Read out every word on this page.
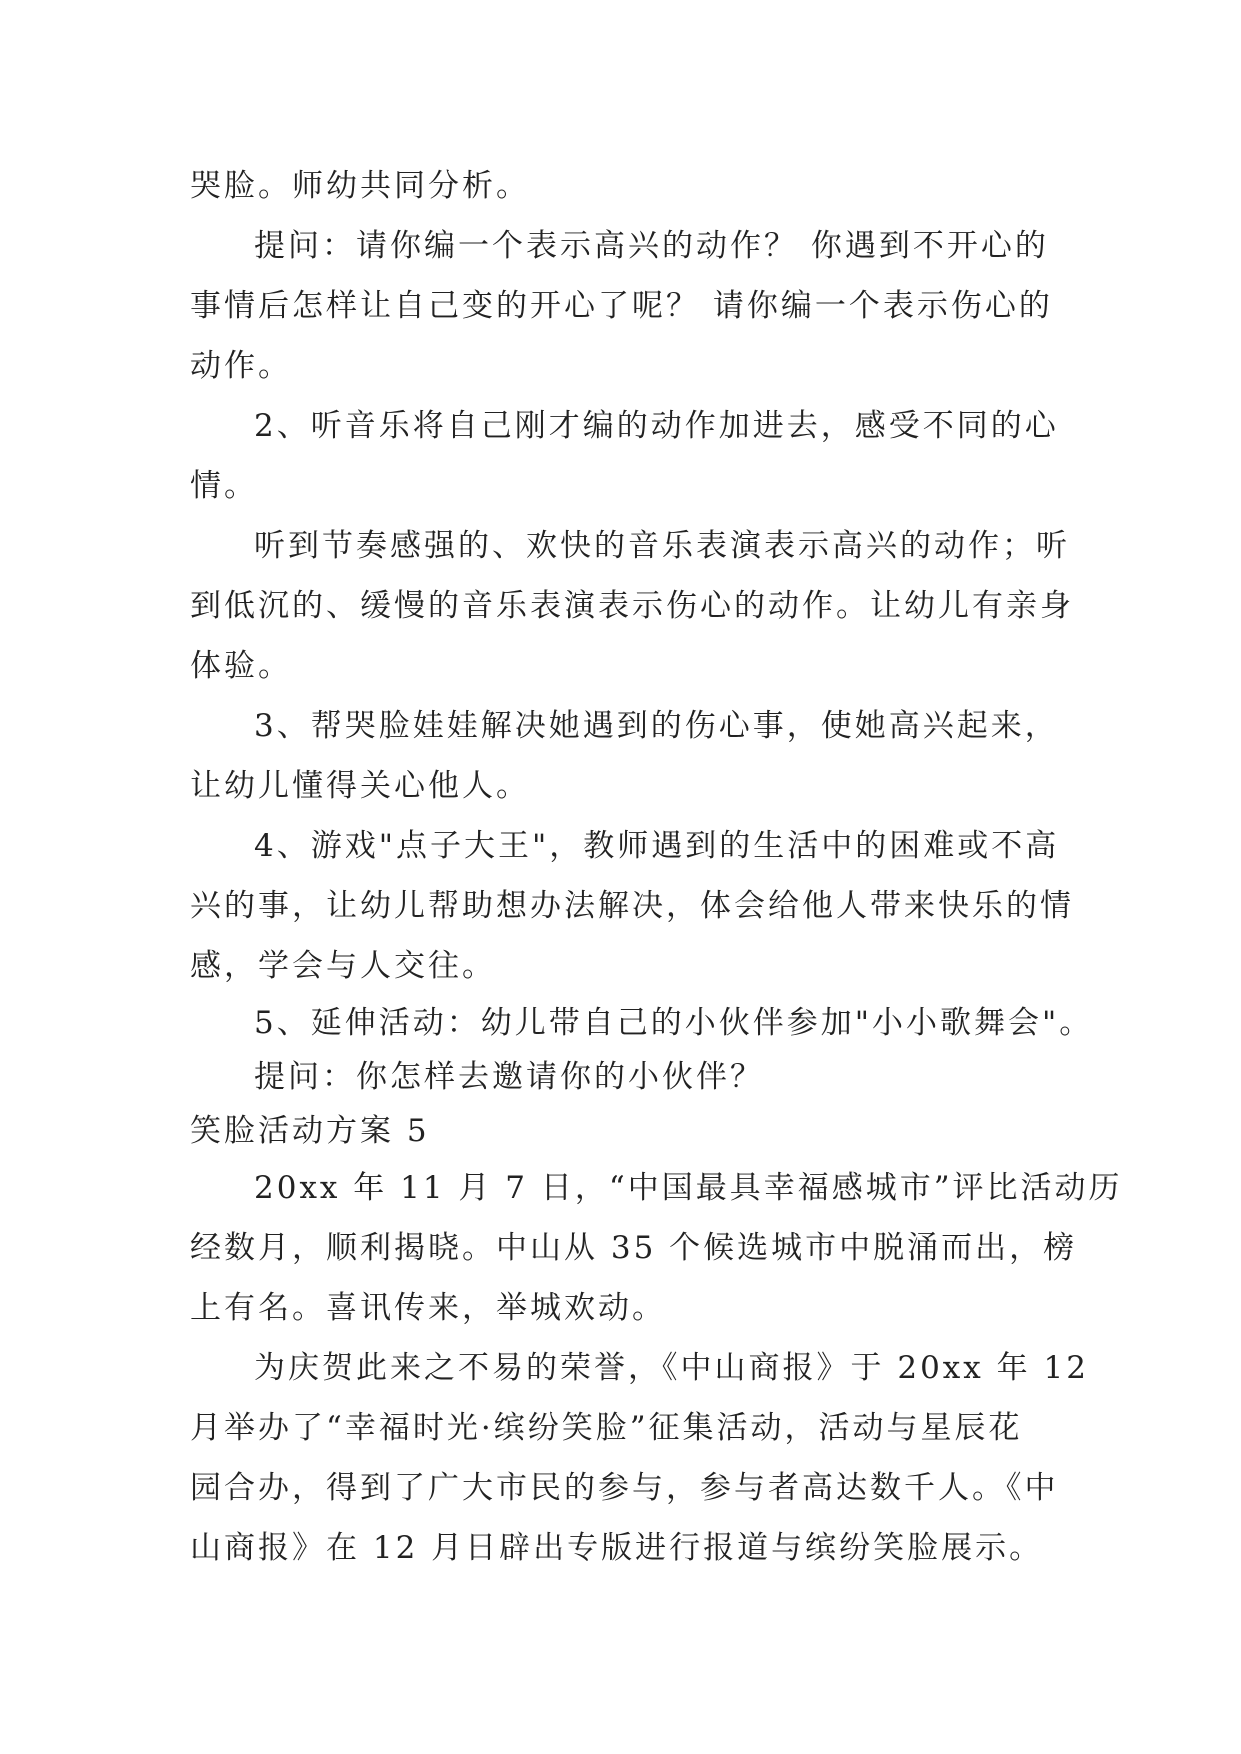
哭脸。师幼共同分析。
提问：请你编一个表示高兴的动作？ 你遇到不开心的
事情后怎样让自己变的开心了呢？ 请你编一个表示伤心的
动作。
2、听音乐将自己刚才编的动作加进去，感受不同的心
情。
听到节奏感强的、欢快的音乐表演表示高兴的动作；听
到低沉的、缓慢的音乐表演表示伤心的动作。让幼儿有亲身
体验。
3、帮哭脸娃娃解决她遇到的伤心事，使她高兴起来，
让幼儿懂得关心他人。
4、游戏"点子大王"，教师遇到的生活中的困难或不高
兴的事，让幼儿帮助想办法解决，体会给他人带来快乐的情
感，学会与人交往。
5、延伸活动：幼儿带自己的小伙伴参加"小小歌舞会"。
提问：你怎样去邀请你的小伙伴？
笑脸活动方案 5
20xx 年 11 月 7 日，“中国最具幸福感城市”评比活动历
经数月，顺利揭晓。中山从 35 个候选城市中脱涌而出，榜
上有名。喜讯传来，举城欢动。
为庆贺此来之不易的荣誉，《中山商报》于 20xx 年 12
月举办了“幸福时光·缤纷笑脸”征集活动，活动与星辰花
园合办，得到了广大市民的参与，参与者高达数千人。《中
山商报》在 12 月日辟出专版进行报道与缤纷笑脸展示。
